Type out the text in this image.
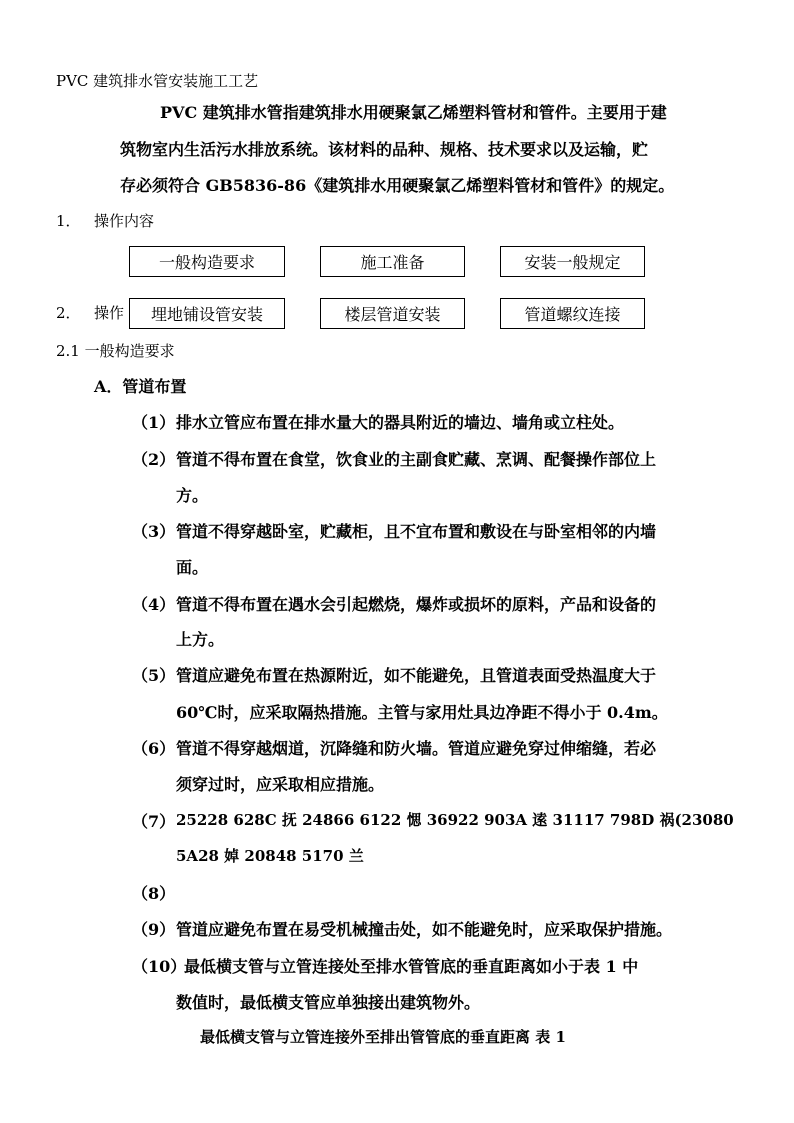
PVC 建筑排水管安装施工工艺
PVC 建筑排水管指建筑排水用硬聚氯乙烯塑料管材和管件。主要用于建
筑物室内生活污水排放系统。该材料的品种、规格、技术要求以及运输，贮
存必须符合 GB5836-86《建筑排水用硬聚氯乙烯塑料管材和管件》的规定。
1． 操作内容
2． 操作
一般构造要求	施工准备	安装一般规定
埋地铺设管安装	楼层管道安装	管道螺纹连接
2.1 一般构造要求
A．管道布置
（1） 排水立管应布置在排水量大的器具附近的墙边、墙角或立柱处。
（2） 管道不得布置在食堂，饮食业的主副食贮藏、烹调、配餐操作部位上
方。
（3） 管道不得穿越卧室，贮藏柜，且不宜布置和敷设在与卧室相邻的内墙
面。
（4） 管道不得布置在遇水会引起燃烧，爆炸或损坏的原料，产品和设备的
上方。
（5） 管道应避免布置在热源附近，如不能避免，且管道表面受热温度大于
60℃时，应采取隔热措施。主管与家用灶具边净距不得小于 0.4m。
（6） 管道不得穿越烟道，沉降缝和防火墙。管道应避免穿过伸缩缝，若必
须穿过时，应采取相应措施。
（7） 25228 628C 抚 24866 6122 愢 36922 903A 逺 31117 798D 祸(23080
5A28 婥 20848 5170 兰
（8）
（9） 管道应避免布置在易受机械撞击处，如不能避免时，应采取保护措施。
（10）
最低横支管与立管连接处至排水管管底的垂直距离如小于表 1 中
数值时，最低横支管应单独接出建筑物外。
最低横支管与立管连接外至排出管管底的垂直距离 表 1
